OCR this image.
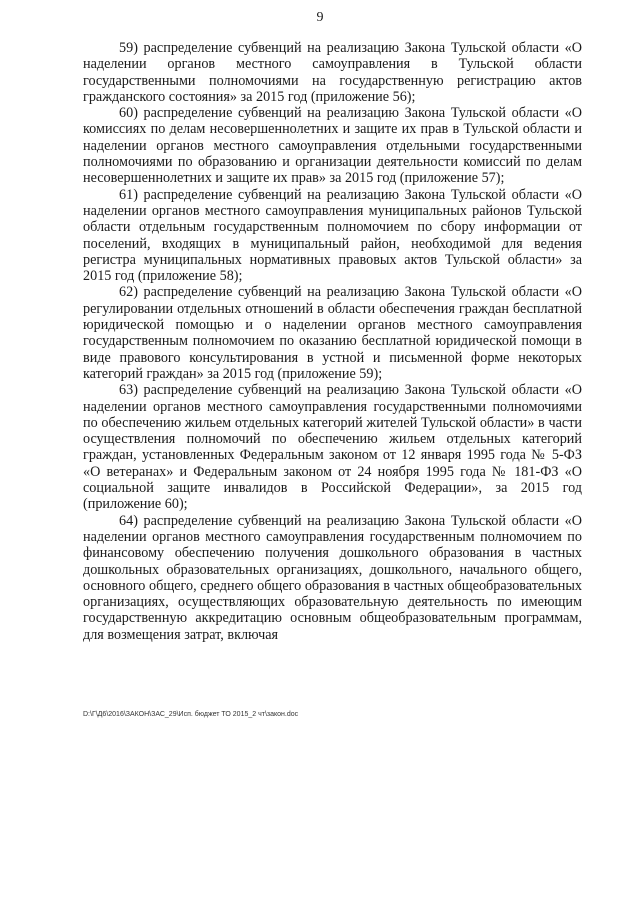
9

59) распределение субвенций на реализацию Закона Тульской области «О наделении органов местного самоуправления в Тульской области государственными полномочиями на государственную регистрацию актов гражданского состояния» за 2015 год (приложение 56);

60) распределение субвенций на реализацию Закона Тульской области «О комиссиях по делам несовершеннолетних и защите их прав в Тульской области и наделении органов местного самоуправления отдельными государственными полномочиями по образованию и организации деятельности комиссий по делам несовершеннолетних и защите их прав» за 2015 год (приложение 57);

61) распределение субвенций на реализацию Закона Тульской области «О наделении органов местного самоуправления муниципальных районов Тульской области отдельным государственным полномочием по сбору информации от поселений, входящих в муниципальный район, необходимой для ведения регистра муниципальных нормативных правовых актов Тульской области» за 2015 год (приложение 58);

62) распределение субвенций на реализацию Закона Тульской области «О регулировании отдельных отношений в области обеспечения граждан бесплатной юридической помощью и о наделении органов местного самоуправления государственным полномочием по оказанию бесплатной юридической помощи в виде правового консультирования в устной и письменной форме некоторых категорий граждан» за 2015 год (приложение 59);

63) распределение субвенций на реализацию Закона Тульской области «О наделении органов местного самоуправления государственными полномочиями по обеспечению жильем отдельных категорий жителей Тульской области» в части осуществления полномочий по обеспечению жильем отдельных категорий граждан, установленных Федеральным законом от 12 января 1995 года № 5-ФЗ «О ветеранах» и Федеральным законом от 24 ноября 1995 года № 181-ФЗ «О социальной защите инвалидов в Российской Федерации», за 2015 год (приложение 60);

64) распределение субвенций на реализацию Закона Тульской области «О наделении органов местного самоуправления государственным полномочием по финансовому обеспечению получения дошкольного образования в частных дошкольных образовательных организациях, дошкольного, начального общего, основного общего, среднего общего образования в частных общеобразовательных организациях, осуществляющих образовательную деятельность по имеющим государственную аккредитацию основным общеобразовательным программам, для возмещения затрат, включая

D:\Г\Д6\2016\ЗАКОН\ЗАС_29\Исп. бюджет ТО 2015_2 чт\закон.doc
